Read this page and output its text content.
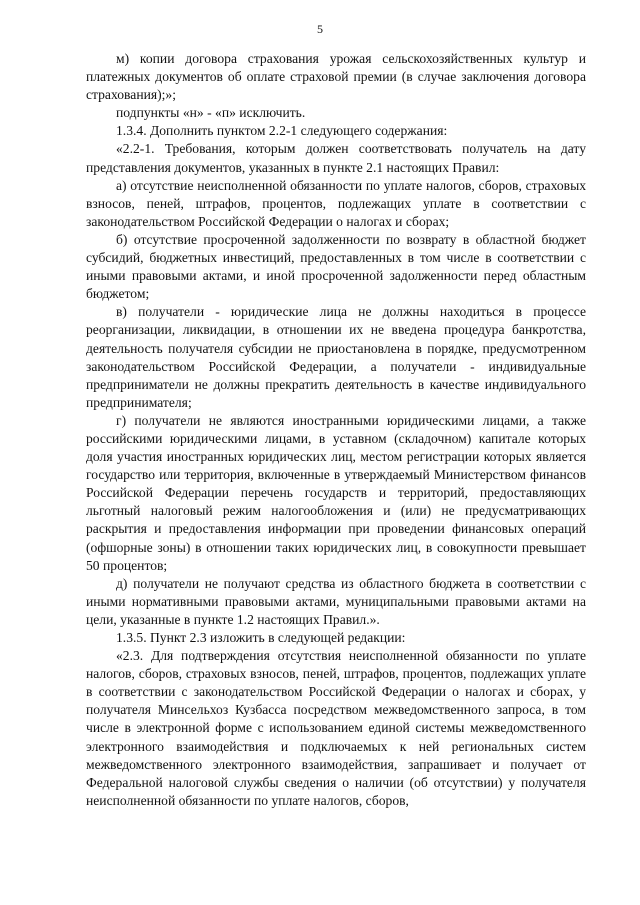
5

м) копии договора страхования урожая сельскохозяйственных культур и платежных документов об оплате страховой премии (в случае заключения договора страхования);»;

подпункты «н» - «п» исключить.

1.3.4. Дополнить пунктом 2.2-1 следующего содержания:

«2.2-1. Требования, которым должен соответствовать получатель на дату представления документов, указанных в пункте 2.1 настоящих Правил:

а) отсутствие неисполненной обязанности по уплате налогов, сборов, страховых взносов, пеней, штрафов, процентов, подлежащих уплате в соответствии с законодательством Российской Федерации о налогах и сборах;

б) отсутствие просроченной задолженности по возврату в областной бюджет субсидий, бюджетных инвестиций, предоставленных в том числе в соответствии с иными правовыми актами, и иной просроченной задолженности перед областным бюджетом;

в) получатели - юридические лица не должны находиться в процессе реорганизации, ликвидации, в отношении их не введена процедура банкротства, деятельность получателя субсидии не приостановлена в порядке, предусмотренном законодательством Российской Федерации, а получатели - индивидуальные предприниматели не должны прекратить деятельность в качестве индивидуального предпринимателя;

г) получатели не являются иностранными юридическими лицами, а также российскими юридическими лицами, в уставном (складочном) капитале которых доля участия иностранных юридических лиц, местом регистрации которых является государство или территория, включенные в утверждаемый Министерством финансов Российской Федерации перечень государств и территорий, предоставляющих льготный налоговый режим налогообложения и (или) не предусматривающих раскрытия и предоставления информации при проведении финансовых операций (офшорные зоны) в отношении таких юридических лиц, в совокупности превышает 50 процентов;

д) получатели не получают средства из областного бюджета в соответствии с иными нормативными правовыми актами, муниципальными правовыми актами на цели, указанные в пункте 1.2 настоящих Правил.».

1.3.5. Пункт 2.3 изложить в следующей редакции:

«2.3. Для подтверждения отсутствия неисполненной обязанности по уплате налогов, сборов, страховых взносов, пеней, штрафов, процентов, подлежащих уплате в соответствии с законодательством Российской Федерации о налогах и сборах, у получателя Минсельхоз Кузбасса посредством межведомственного запроса, в том числе в электронной форме с использованием единой системы межведомственного электронного взаимодействия и подключаемых к ней региональных систем межведомственного электронного взаимодействия, запрашивает и получает от Федеральной налоговой службы сведения о наличии (об отсутствии) у получателя неисполненной обязанности по уплате налогов, сборов,
